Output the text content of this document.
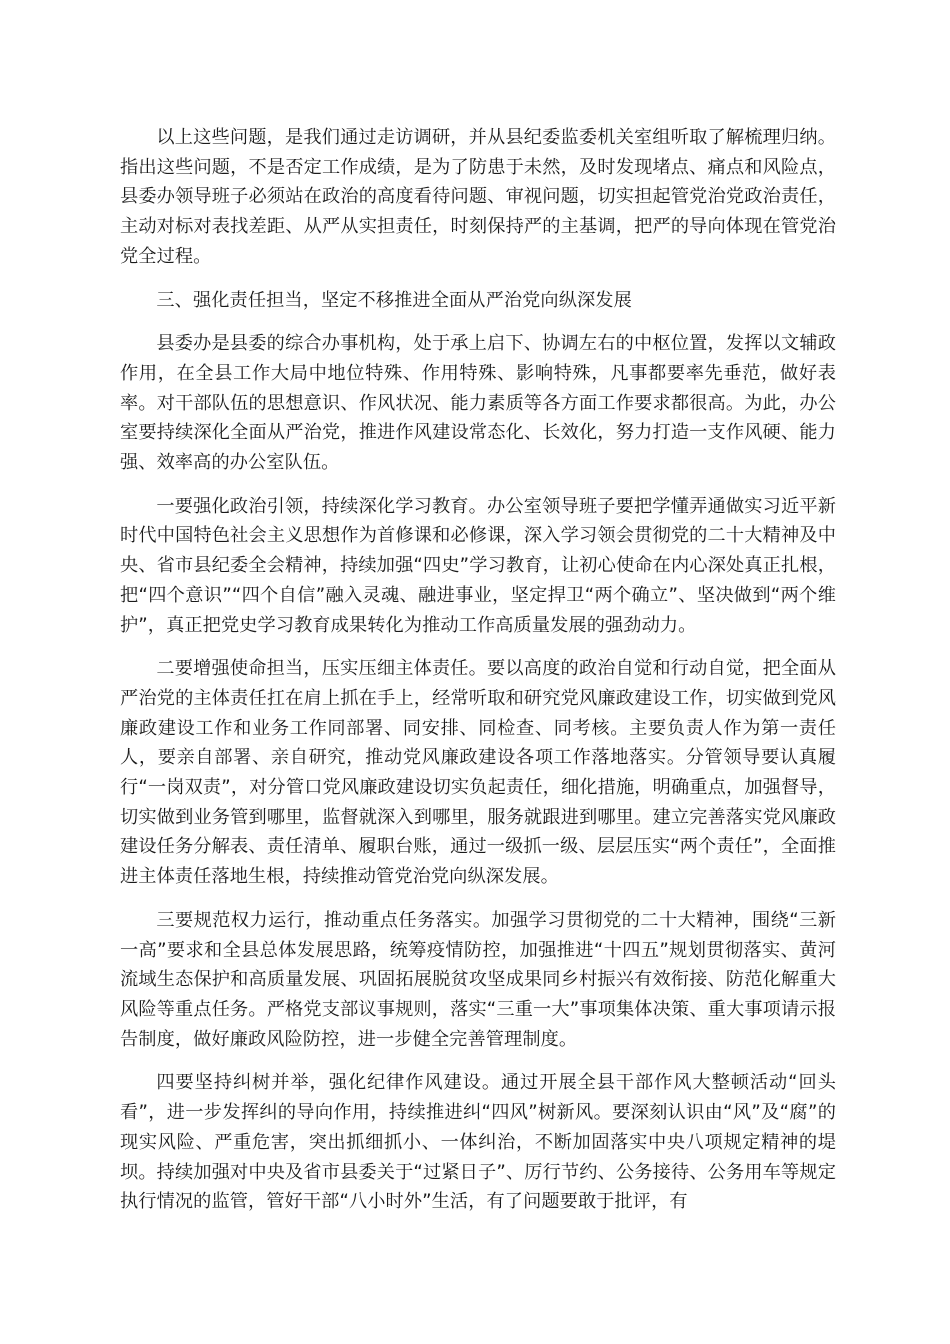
以上这些问题，是我们通过走访调研，并从县纪委监委机关室组听取了解梳理归纳。指出这些问题，不是否定工作成绩，是为了防患于未然，及时发现堵点、痛点和风险点，县委办领导班子必须站在政治的高度看待问题、审视问题，切实担起管党治党政治责任，主动对标对表找差距、从严从实担责任，时刻保持严的主基调，把严的导向体现在管党治党全过程。

三、强化责任担当，坚定不移推进全面从严治党向纵深发展

县委办是县委的综合办事机构，处于承上启下、协调左右的中枢位置，发挥以文辅政作用，在全县工作大局中地位特殊、作用特殊、影响特殊，凡事都要率先垂范，做好表率。对干部队伍的思想意识、作风状况、能力素质等各方面工作要求都很高。为此，办公室要持续深化全面从严治党，推进作风建设常态化、长效化，努力打造一支作风硬、能力强、效率高的办公室队伍。

一要强化政治引领，持续深化学习教育。办公室领导班子要把学懂弄通做实习近平新时代中国特色社会主义思想作为首修课和必修课，深入学习领会贯彻党的二十大精神及中央、省市县纪委全会精神，持续加强“四史”学习教育，让初心使命在内心深处真正扎根，把“四个意识”“四个自信”融入灵魂、融进事业，坚定捍卫“两个确立”、坚决做到“两个维护”，真正把党史学习教育成果转化为推动工作高质量发展的强劲动力。

二要增强使命担当，压实压细主体责任。要以高度的政治自觉和行动自觉，把全面从严治党的主体责任扛在肩上抓在手上，经常听取和研究党风廉政建设工作，切实做到党风廉政建设工作和业务工作同部署、同安排、同检查、同考核。主要负责人作为第一责任人，要亲自部署、亲自研究，推动党风廉政建设各项工作落地落实。分管领导要认真履行“一岗双责”，对分管口党风廉政建设切实负起责任，细化措施，明确重点，加强督导，切实做到业务管到哪里，监督就深入到哪里，服务就跟进到哪里。建立完善落实党风廉政建设任务分解表、责任清单、履职台账，通过一级抓一级、层层压实“两个责任”，全面推进主体责任落地生根，持续推动管党治党向纵深发展。

三要规范权力运行，推动重点任务落实。加强学习贯彻党的二十大精神，围绕“三新一高”要求和全县总体发展思路，统筹疫情防控，加强推进“十四五”规划贯彻落实、黄河流域生态保护和高质量发展、巩固拓展脱贫攻坚成果同乡村振兴有效衔接、防范化解重大风险等重点任务。严格党支部议事规则，落实“三重一大”事项集体决策、重大事项请示报告制度，做好廉政风险防控，进一步健全完善管理制度。

四要坚持纠树并举，强化纪律作风建设。通过开展全县干部作风大整顿活动“回头看”，进一步发挥纠的导向作用，持续推进纠“四风”树新风。要深刻认识由“风”及“腐”的现实风险、严重危害，突出抓细抓小、一体纠治，不断加固落实中央八项规定精神的堤坝。持续加强对中央及省市县委关于“过紧日子”、厉行节约、公务接待、公务用车等规定执行情况的监管，管好干部“八小时外”生活，有了问题要敢于批评，有
